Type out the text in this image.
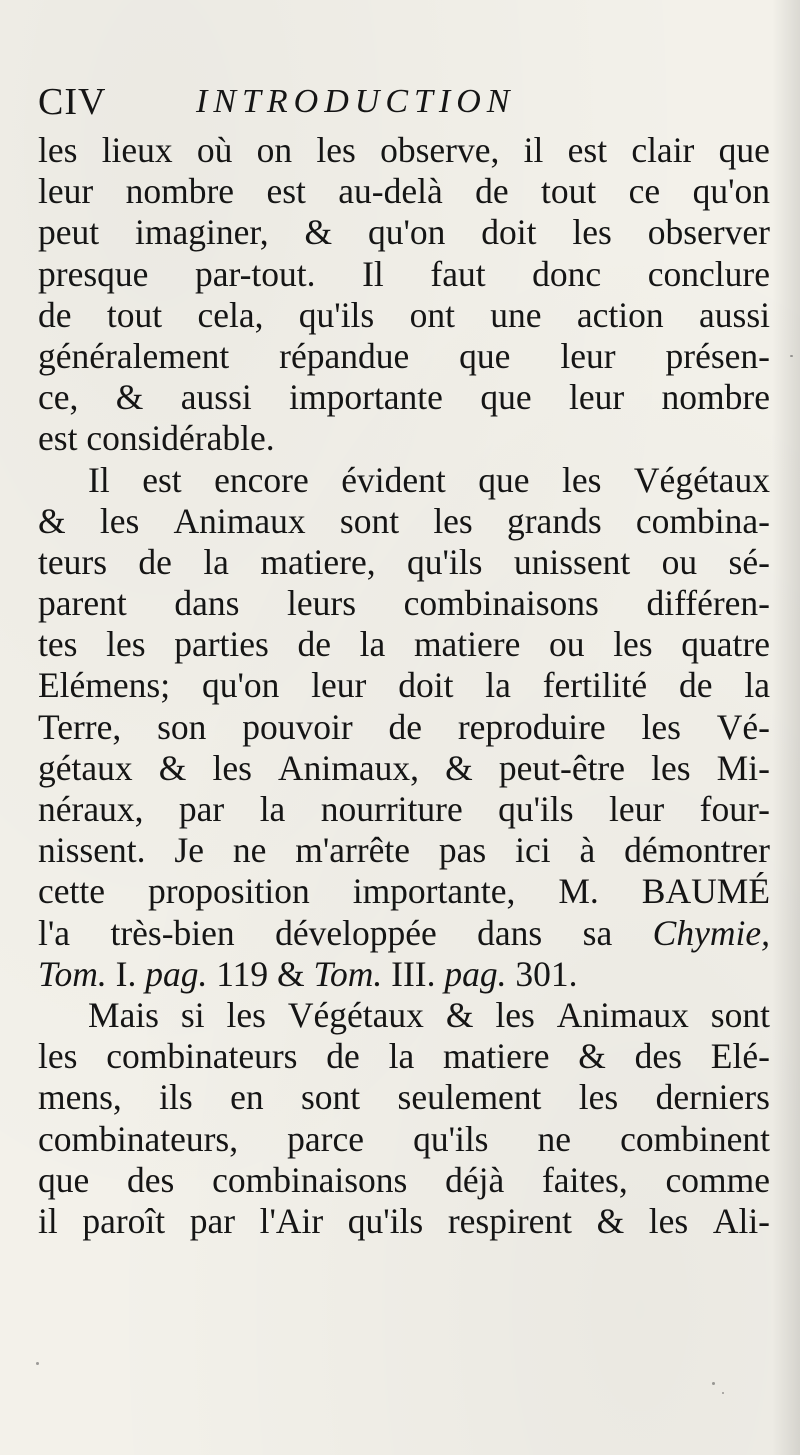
CIV	INTRODUCTION
les lieux où on les observe, il est clair que
leur nombre est au-delà de tout ce qu'on
peut imaginer, & qu'on doit les observer
presque par-tout. Il faut donc conclure
de tout cela, qu'ils ont une action aussi
généralement répandue que leur présen-
ce, & aussi importante que leur nombre
est
considérable.
Il est encore évident que les Végétaux
& les Animaux sont les grands combina-
teurs de la matiere, qu'ils unissent ou sé-
parent dans leurs combinaisons différen-
tes les parties de la matiere ou les quatre
Elémens; qu'on leur doit la fertilité de la
Terre, son pouvoir de reproduire les Vé-
gétaux & les Animaux, & peut-être les Mi-
néraux, par la nourriture qu'ils leur four-
nissent. Je ne m'arrête pas ici à démontrer
cette proposition importante, M. BAUMÉ
l'a très-bien développée dans sa Chymie,
Tom.
I.
pag.
119
&
Tom.
III.
pag.
301.
Mais si les Végétaux & les Animaux sont
les combinateurs de la matiere & des Elé-
mens, ils en sont seulement les derniers
combinateurs, parce qu'ils ne combinent
que des combinaisons déjà faites, comme
il paroît par l'Air qu'ils respirent & les Ali-
